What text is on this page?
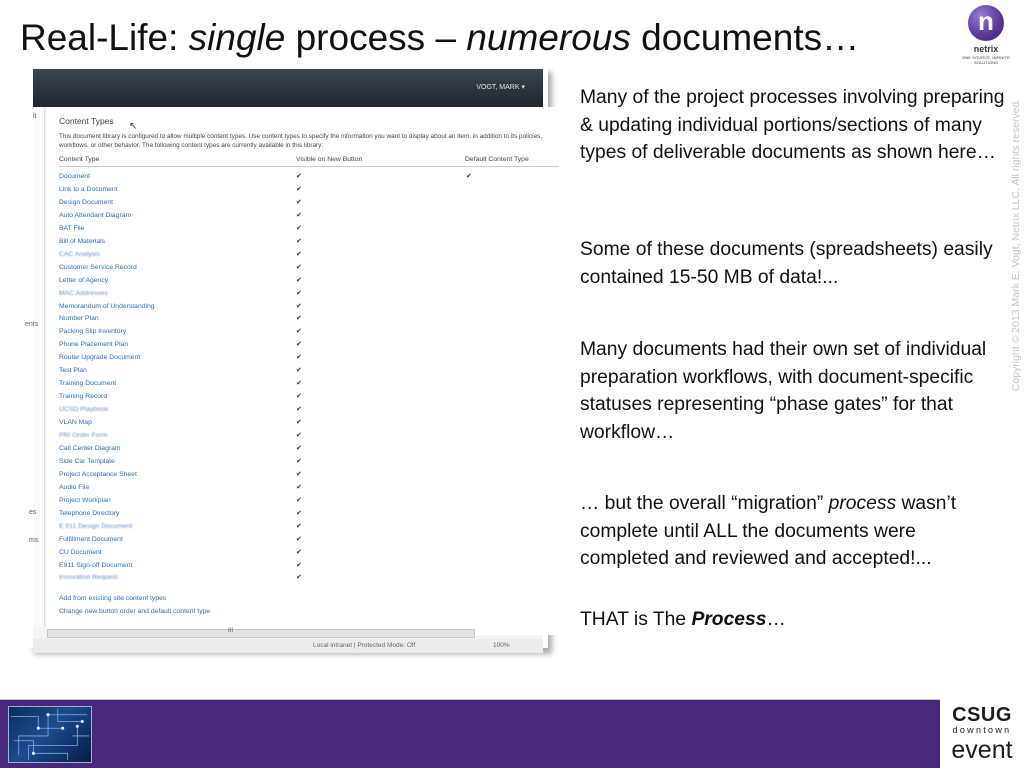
Real-Life: single process – numerous documents…	n
netrix
ONE SOURCE, INFINITE SOLUTIONS
Copyright © 2013 Mark E. Vogt, Netrix LLC. All rights reserved.
VOGT, MARK ▾
lt
ents
es
ms
Content Types ↖
This document library is configured to allow multiple content types. Use content types to specify the information you want to display about an item, in addition to its policies, workflows, or other behavior. The following content types are currently available in this library:
Content Type	Visible on New Button	Default Content Type
Document	✔	✔
Link to a Document	✔
Design Document	✔
Auto Attendant Diagram	✔
BAT File	✔
Bill of Materials	✔
CAC Analysis	✔
Customer Service Record	✔
Letter of Agency	✔
MAC Addresses	✔
Memorandum of Understanding	✔
Number Plan	✔
Packing Slip Inventory	✔
Phone Placement Plan	✔
Router Upgrade Document	✔
Test Plan	✔
Training Document	✔
Training Record	✔
UCSD Playbook	✔
VLAN Map	✔
PRI Order Form	✔
Call Center Diagram	✔
Side Car Template	✔
Project Acceptance Sheet	✔
Audio File	✔
Project Workplan	✔
Telephone Directory	✔
E 911 Design Document	✔
Fulfillment Document	✔
CU Document	✔
E911 Sign-off Document	✔
Innovation Request	✔
Add from existing site content types
Change new button order and default content type
III
Local intranet | Protected Mode: Off	100%
Many of the project processes involving preparing & updating individual portions/sections of many types of deliverable documents as shown here…
Some of these documents (spreadsheets) easily contained 15-50 MB of data!...
Many documents had their own set of individual preparation workflows, with document-specific statuses representing “phase gates” for that workflow…
… but the overall “migration” process wasn’t complete until ALL the documents were completed and reviewed and accepted!...
THAT is The Process…
CSUG
downtown
event
